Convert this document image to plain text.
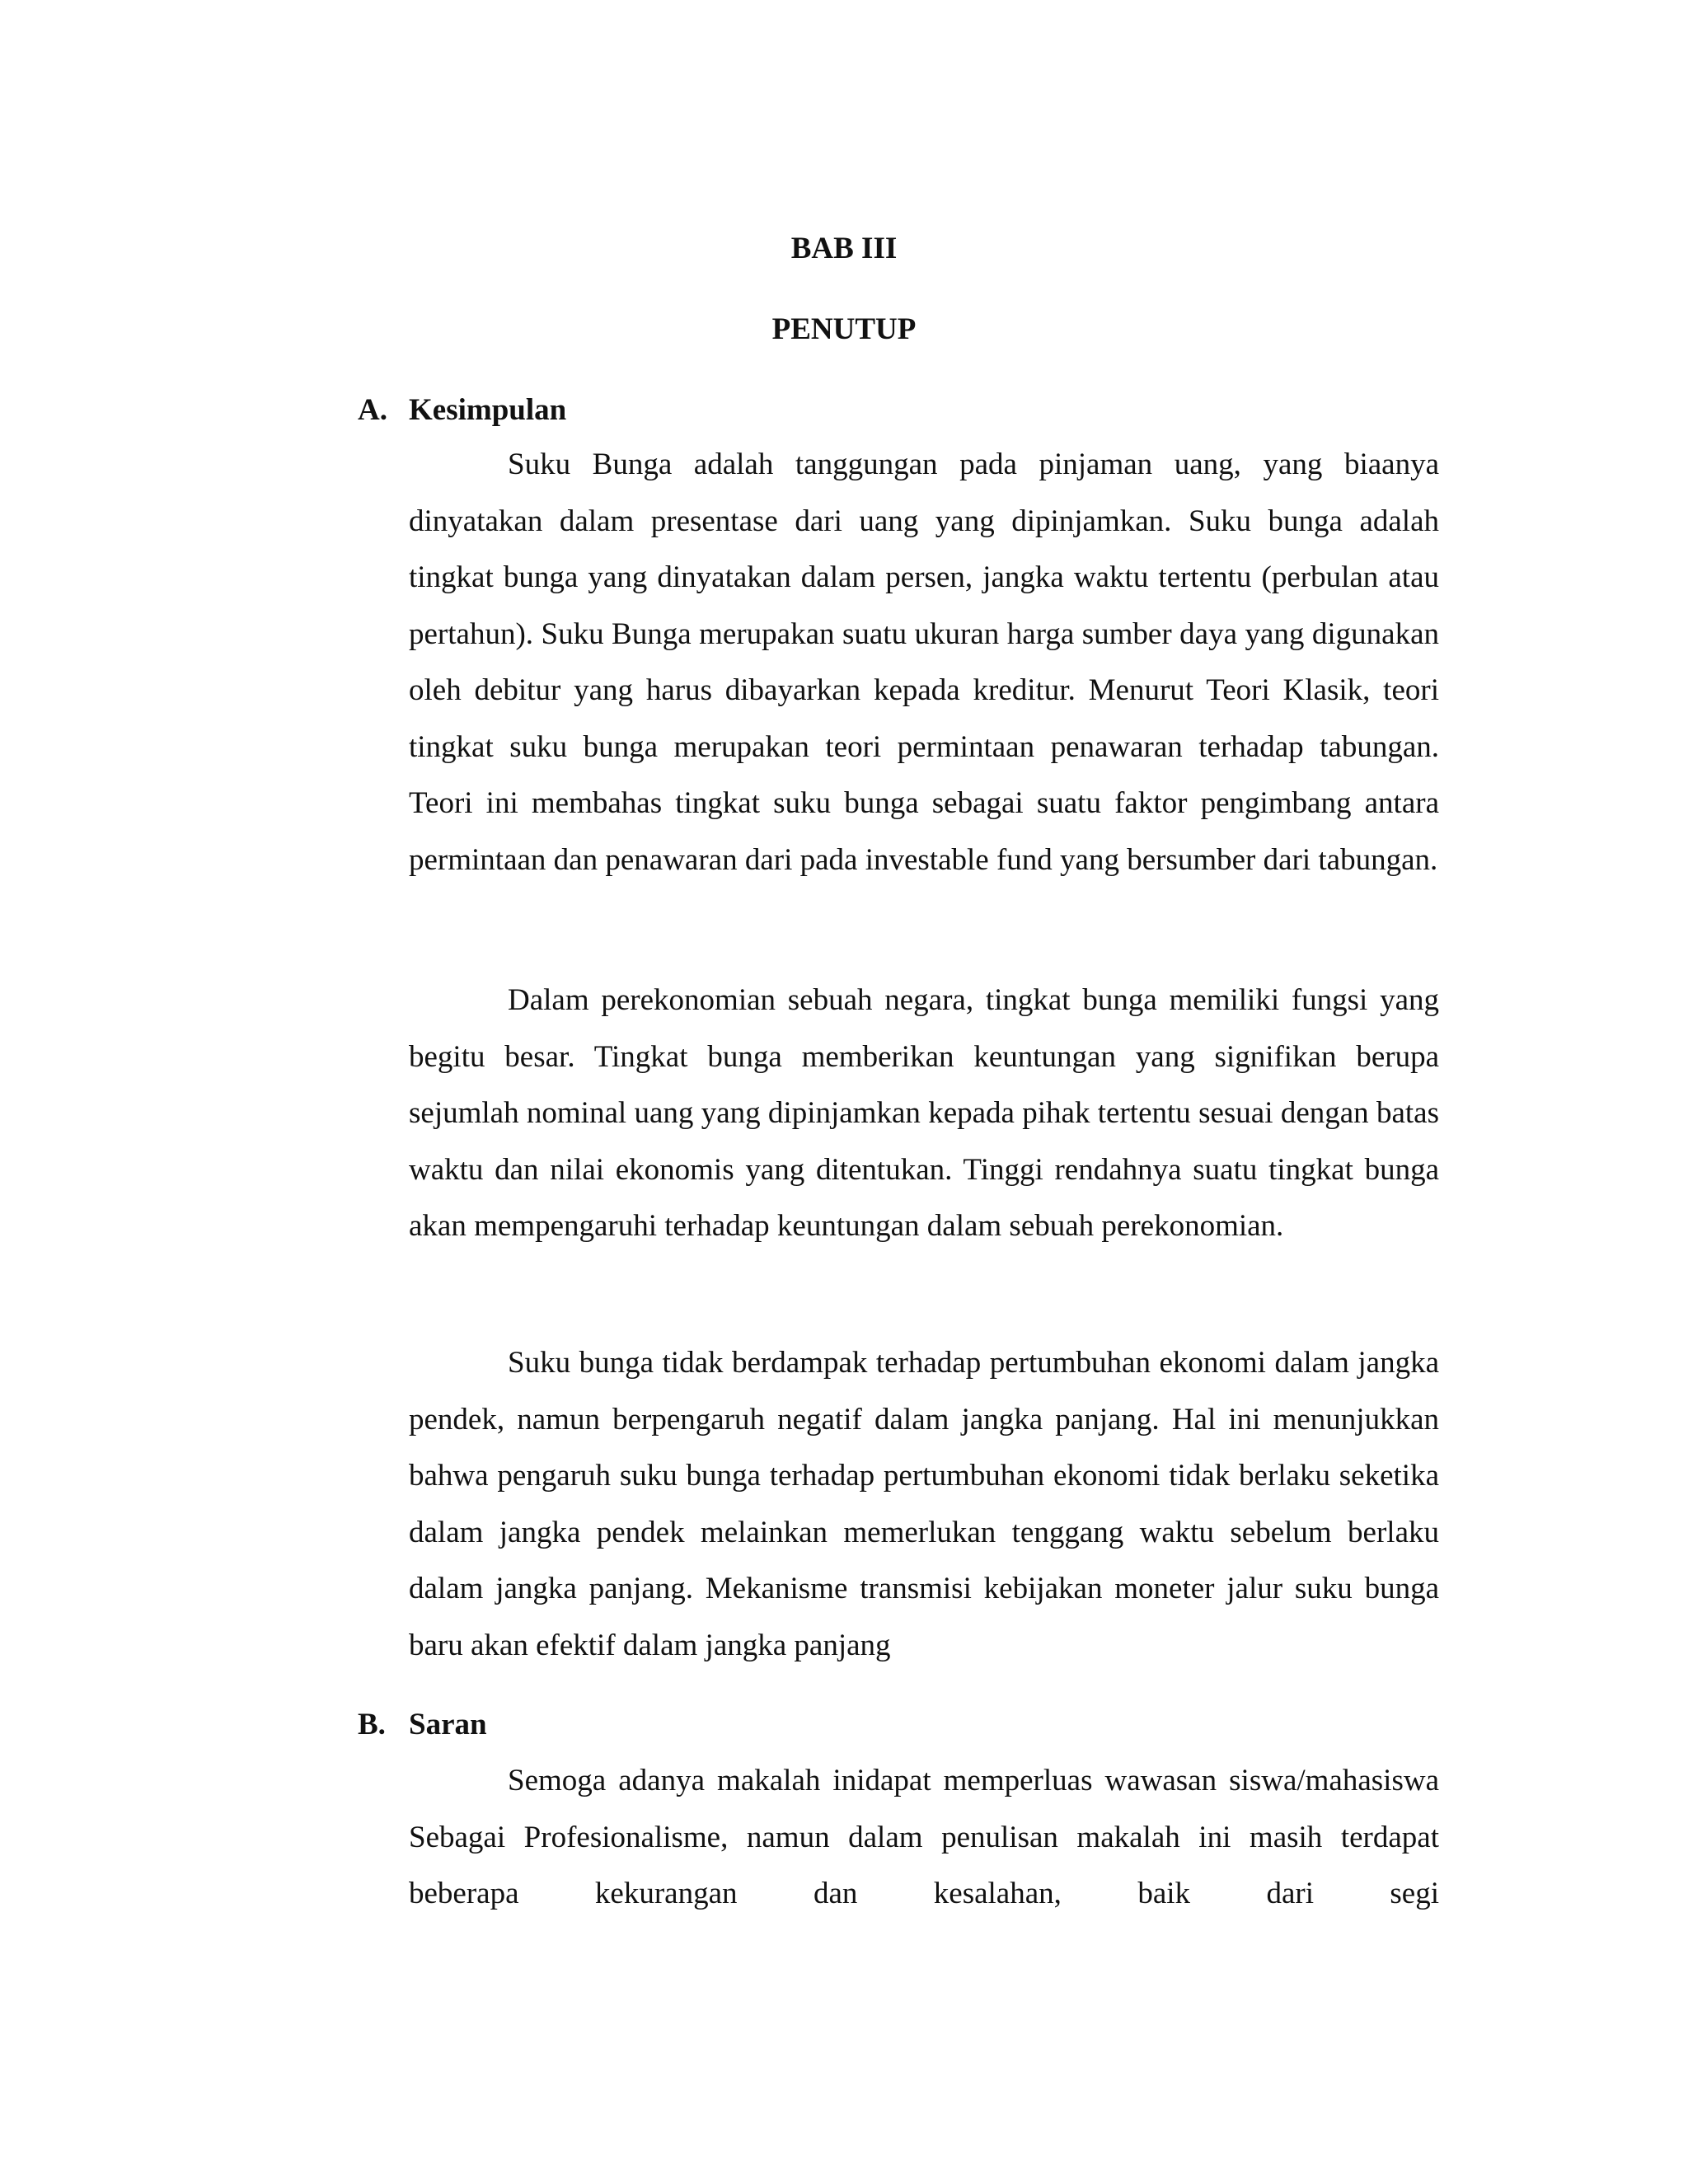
BAB III
PENUTUP
A. Kesimpulan

Suku Bunga adalah tanggungan pada pinjaman uang, yang biaanya dinyatakan dalam presentase dari uang yang dipinjamkan. Suku bunga adalah tingkat bunga yang dinyatakan dalam persen, jangka waktu tertentu (perbulan atau pertahun). Suku Bunga merupakan suatu ukuran harga sumber daya yang digunakan oleh debitur yang harus dibayarkan kepada kreditur. Menurut Teori Klasik, teori tingkat suku bunga merupakan teori permintaan penawaran terhadap tabungan. Teori ini membahas tingkat suku bunga sebagai suatu faktor pengimbang antara permintaan dan penawaran dari pada investable fund yang bersumber dari tabungan.

Dalam perekonomian sebuah negara, tingkat bunga memiliki fungsi yang begitu besar. Tingkat bunga memberikan keuntungan yang signifikan berupa sejumlah nominal uang yang dipinjamkan kepada pihak tertentu sesuai dengan batas waktu dan nilai ekonomis yang ditentukan. Tinggi rendahnya suatu tingkat bunga akan mempengaruhi terhadap keuntungan dalam sebuah perekonomian.

Suku bunga tidak berdampak terhadap pertumbuhan ekonomi dalam jangka pendek, namun berpengaruh negatif dalam jangka panjang. Hal ini menunjukkan bahwa pengaruh suku bunga terhadap pertumbuhan ekonomi tidak berlaku seketika dalam jangka pendek melainkan memerlukan tenggang waktu sebelum berlaku dalam jangka panjang. Mekanisme transmisi kebijakan moneter jalur suku bunga baru akan efektif dalam jangka panjang

B. Saran

Semoga adanya makalah inidapat memperluas wawasan siswa/mahasiswa Sebagai Profesionalisme, namun dalam penulisan makalah ini masih terdapat beberapa kekurangan dan kesalahan, baik dari segi
